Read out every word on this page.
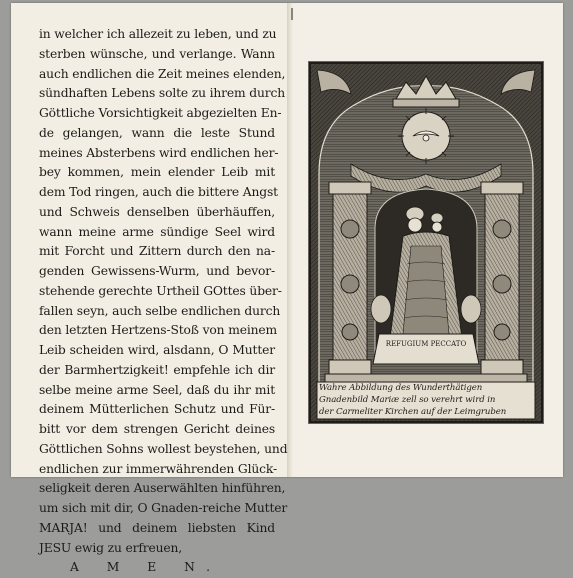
in welcher ich allezeit zu leben, und zu
sterben wünsche, und verlange. Wann
auch endlichen die Zeit meines elenden,
sündhaften Lebens solte zu ihrem durch
Göttliche Vorsichtigkeit abgezielten En-
de gelangen, wann die leste Stund
meines Absterbens wird endlichen her-
bey kommen, mein elender Leib mit
dem Tod ringen, auch die bittere Angst
und Schweis denselben überhäuffen,
wann meine arme sündige Seel wird
mit Forcht und Zittern durch den na-
genden Gewissens-Wurm, und bevor-
stehende gerechte Urtheil GOttes über-
fallen seyn, auch selbe endlichen durch
den letzten Hertzens-Stoß von meinem
Leib scheiden wird, alsdann, O Mutter
der Barmhertzigkeit! empfehle ich dir
selbe meine arme Seel, daß du ihr mit
deinem Mütterlichen Schutz und Für-
bitt vor dem strengen Gericht deines
Göttlichen Sohns wollest beystehen, und
endlichen zur immerwährenden Glück-
seligkeit deren Auserwählten hinführen,
um sich mit dir, O Gnaden-reiche Mutter
MARJA! und deinem liebsten Kind
JESU ewig zu erfreuen,
A M E N.
REFUGIUM PECCATO
Wahre Abbildung des Wunderthätigen
Gnadenbild Mariæ zell so verehrt wird in
der Carmeliter Kirchen auf der Leimgruben
